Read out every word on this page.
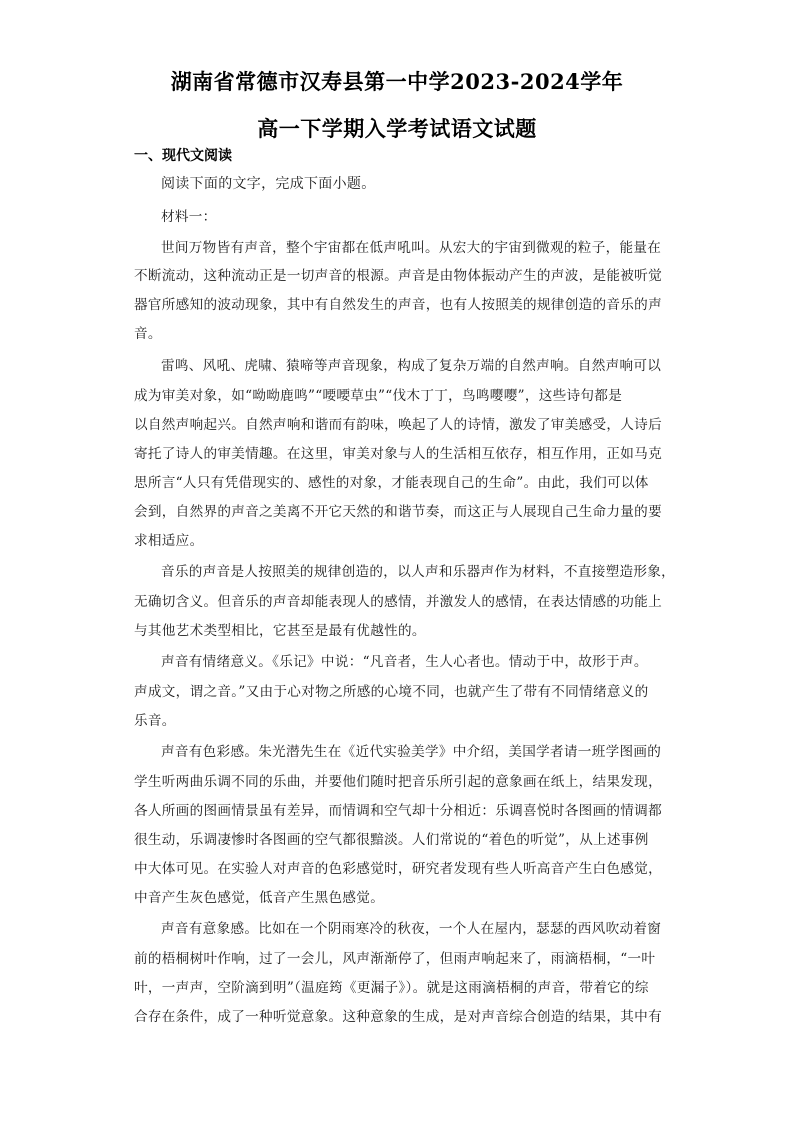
湖南省常德市汉寿县第一中学2023-2024学年
高一下学期入学考试语文试题
一、现代文阅读
阅读下面的文字，完成下面小题。
材料一：
世间万物皆有声音，整个宇宙都在低声吼叫。从宏大的宇宙到微观的粒子，能量在
不断流动，这种流动正是一切声音的根源。声音是由物体振动产生的声波，是能被听觉
器官所感知的波动现象，其中有自然发生的声音，也有人按照美的规律创造的音乐的声
音。
雷鸣、风吼、虎啸、猿啼等声音现象，构成了复杂万端的自然声响。自然声响可以
成为审美对象，如“呦呦鹿鸣”“喓喓草虫”“伐木丁丁，鸟鸣嘤嘤”，这些诗句都是
以自然声响起兴。自然声响和谐而有韵味，唤起了人的诗情，激发了审美感受，人诗后
寄托了诗人的审美情趣。在这里，审美对象与人的生活相互依存，相互作用，正如马克
思所言“人只有凭借现实的、感性的对象，才能表现自己的生命”。由此，我们可以体
会到，自然界的声音之美离不开它天然的和谐节奏，而这正与人展现自己生命力量的要
求相适应。
音乐的声音是人按照美的规律创造的，以人声和乐器声作为材料，不直接塑造形象，
无确切含义。但音乐的声音却能表现人的感情，并激发人的感情，在表达情感的功能上
与其他艺术类型相比，它甚至是最有优越性的。
声音有情绪意义。《乐记》中说：“凡音者，生人心者也。情动于中，故形于声。
声成文，谓之音。”又由于心对物之所感的心境不同，也就产生了带有不同情绪意义的
乐音。
声音有色彩感。朱光潜先生在《近代实验美学》中介绍，美国学者请一班学图画的
学生听两曲乐调不同的乐曲，并要他们随时把音乐所引起的意象画在纸上，结果发现，
各人所画的图画情景虽有差异，而情调和空气却十分相近：乐调喜悦时各图画的情调都
很生动，乐调凄惨时各图画的空气都很黯淡。人们常说的“着色的听觉”，从上述事例
中大体可见。在实验人对声音的色彩感觉时，研究者发现有些人听高音产生白色感觉，
中音产生灰色感觉，低音产生黑色感觉。
声音有意象感。比如在一个阴雨寒冷的秋夜，一个人在屋内，瑟瑟的西风吹动着窗
前的梧桐树叶作响，过了一会儿，风声渐渐停了，但雨声响起来了，雨滴梧桐，“一叶
叶，一声声，空阶滴到明”（温庭筠《更漏子》）。就是这雨滴梧桐的声音，带着它的综
合存在条件，成了一种听觉意象。这种意象的生成，是对声音综合创造的结果，其中有
